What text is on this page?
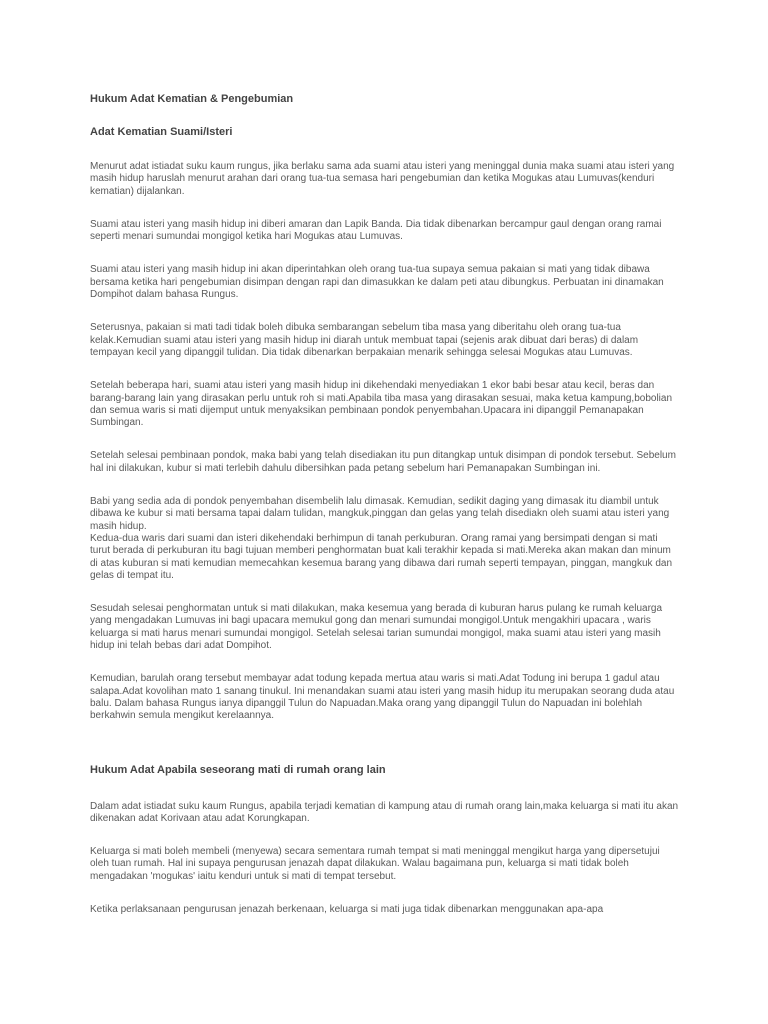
Hukum Adat Kematian & Pengebumian

Adat Kematian Suami/Isteri

Menurut adat istiadat suku kaum rungus, jika berlaku sama ada suami atau isteri yang meninggal dunia maka suami atau isteri yang masih hidup haruslah menurut arahan dari orang tua-tua semasa hari pengebumian dan ketika Mogukas atau Lumuvas(kenduri kematian) dijalankan.

Suami atau isteri yang masih hidup ini diberi amaran dan Lapik Banda. Dia tidak dibenarkan bercampur gaul dengan orang ramai seperti menari sumundai mongigol ketika hari Mogukas atau Lumuvas.

Suami atau isteri yang masih hidup ini akan diperintahkan oleh orang tua-tua supaya semua pakaian si mati yang tidak dibawa bersama ketika hari pengebumian disimpan dengan rapi dan dimasukkan ke dalam peti atau dibungkus. Perbuatan ini dinamakan Dompihot dalam bahasa Rungus.

Seterusnya, pakaian si mati tadi tidak boleh dibuka sembarangan sebelum tiba masa yang diberitahu oleh orang tua-tua kelak.Kemudian suami atau isteri yang masih hidup ini diarah untuk membuat tapai (sejenis arak dibuat dari beras) di dalam tempayan kecil yang dipanggil tulidan. Dia tidak dibenarkan berpakaian menarik sehingga selesai Mogukas atau Lumuvas.

Setelah beberapa hari, suami atau isteri yang masih hidup ini dikehendaki menyediakan 1 ekor babi besar atau kecil, beras dan barang-barang lain yang dirasakan perlu untuk roh si mati.Apabila tiba masa yang dirasakan sesuai, maka ketua kampung,bobolian dan semua waris si mati dijemput untuk menyaksikan pembinaan pondok penyembahan.Upacara ini dipanggil Pemanapakan Sumbingan.

Setelah selesai pembinaan pondok, maka babi yang telah disediakan itu pun ditangkap untuk disimpan di pondok tersebut. Sebelum hal ini dilakukan, kubur si mati terlebih dahulu dibersihkan pada petang sebelum hari Pemanapakan Sumbingan ini.

Babi yang sedia ada di pondok penyembahan disembelih lalu dimasak. Kemudian, sedikit daging yang dimasak itu diambil untuk dibawa ke kubur si mati bersama tapai dalam tulidan, mangkuk,pinggan dan gelas yang telah disediakn oleh suami atau isteri yang masih hidup.
Kedua-dua waris dari suami dan isteri dikehendaki berhimpun di tanah perkuburan. Orang ramai yang bersimpati dengan si mati turut berada di perkuburan itu bagi tujuan memberi penghormatan buat kali terakhir kepada si mati.Mereka akan makan dan minum di atas kuburan si mati kemudian memecahkan kesemua barang yang dibawa dari rumah seperti tempayan, pinggan, mangkuk dan gelas di tempat itu.

Sesudah selesai penghormatan untuk si mati dilakukan, maka kesemua yang berada di kuburan harus pulang ke rumah keluarga yang mengadakan Lumuvas ini bagi upacara memukul gong dan menari sumundai mongigol.Untuk mengakhiri upacara , waris keluarga si mati harus menari sumundai mongigol. Setelah selesai tarian sumundai mongigol, maka suami atau isteri yang masih hidup ini telah bebas dari adat Dompihot.

Kemudian, barulah orang tersebut membayar adat todung kepada mertua atau waris si mati.Adat Todung ini berupa 1 gadul atau salapa.Adat kovolihan mato 1 sanang tinukul. Ini menandakan suami atau isteri yang masih hidup itu merupakan seorang duda atau balu. Dalam bahasa Rungus ianya dipanggil Tulun do Napuadan.Maka orang yang dipanggil Tulun do Napuadan ini bolehlah berkahwin semula mengikut kerelaannya.

Hukum Adat Apabila seseorang mati di rumah orang lain

Dalam adat istiadat suku kaum Rungus, apabila terjadi kematian di kampung atau di rumah orang lain,maka keluarga si mati itu akan dikenakan adat Korivaan atau adat Korungkapan.

Keluarga si mati boleh membeli (menyewa) secara sementara rumah tempat si mati meninggal mengikut harga yang dipersetujui oleh tuan rumah. Hal ini supaya pengurusan jenazah dapat dilakukan. Walau bagaimana pun, keluarga si mati tidak boleh mengadakan 'mogukas' iaitu kenduri untuk si mati di tempat tersebut.

Ketika perlaksanaan pengurusan jenazah berkenaan, keluarga si mati juga tidak dibenarkan menggunakan apa-apa
